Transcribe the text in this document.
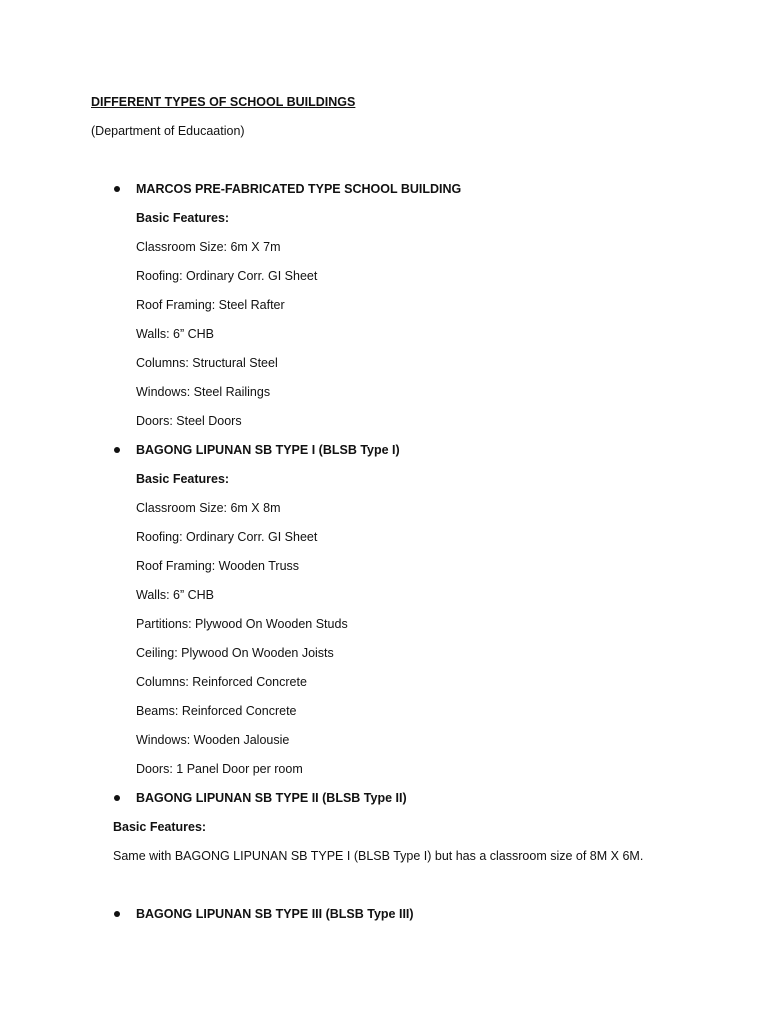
DIFFERENT TYPES OF SCHOOL BUILDINGS
(Department of Educaation)
MARCOS PRE-FABRICATED TYPE SCHOOL BUILDING
Basic Features:
Classroom Size: 6m X 7m
Roofing: Ordinary Corr. GI Sheet
Roof Framing: Steel Rafter
Walls: 6” CHB
Columns: Structural Steel
Windows: Steel Railings
Doors: Steel Doors
BAGONG LIPUNAN SB TYPE I (BLSB Type I)
Basic Features:
Classroom Size: 6m X 8m
Roofing: Ordinary Corr. GI Sheet
Roof Framing: Wooden Truss
Walls: 6” CHB
Partitions: Plywood On Wooden Studs
Ceiling: Plywood On Wooden Joists
Columns: Reinforced Concrete
Beams: Reinforced Concrete
Windows: Wooden Jalousie
Doors: 1 Panel Door per room
BAGONG LIPUNAN SB TYPE II (BLSB Type II)
Basic Features:
Same with BAGONG LIPUNAN SB TYPE I (BLSB Type I) but has a classroom size of 8M X 6M.
BAGONG LIPUNAN SB TYPE III (BLSB Type III)
